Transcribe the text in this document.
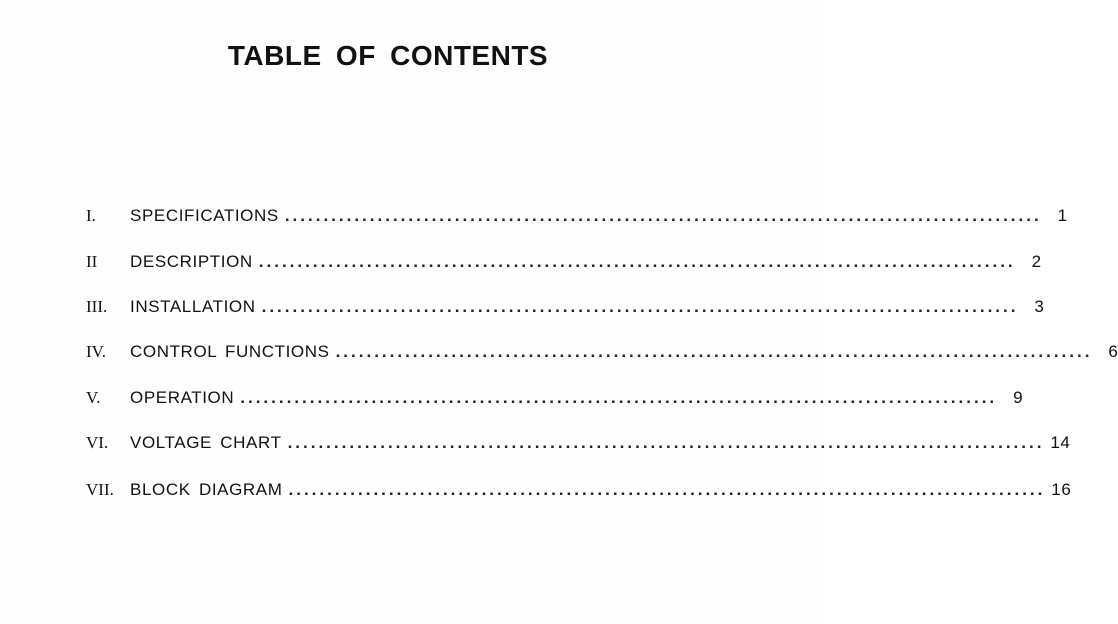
TABLE OF CONTENTS
I.	SPECIFICATIONS .................................................................................................. 1
II	DESCRIPTION .................................................................................................. 2
III.	INSTALLATION .................................................................................................. 3
IV.	CONTROL FUNCTIONS .................................................................................................. 6
V.	OPERATION .................................................................................................. 9
VI.	VOLTAGE CHART .................................................................................................. 14
VII. BLOCK DIAGRAM .................................................................................................. 16
